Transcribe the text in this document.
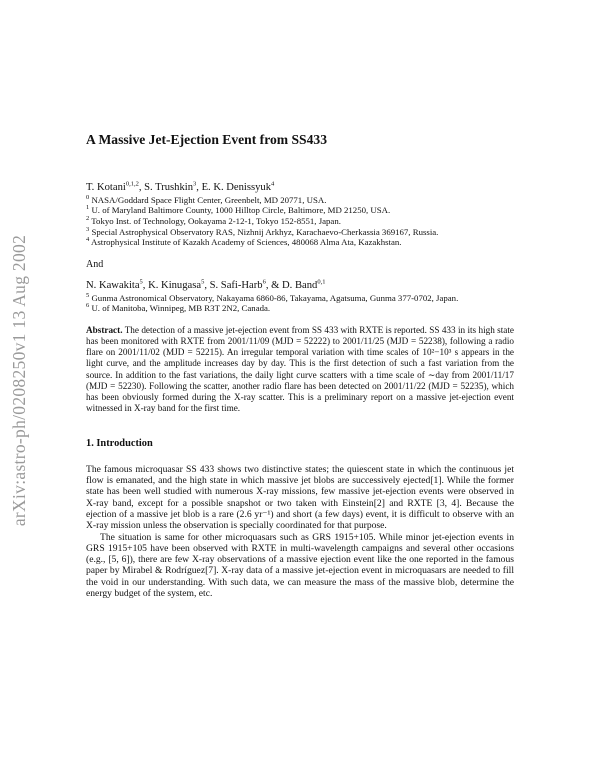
arXiv:astro-ph/0208250v1 13 Aug 2002
A Massive Jet-Ejection Event from SS433
T. Kotani$^{0,1,2}$, S. Trushkin$^3$, E. K. Denissyuk$^4$
$^0$ NASA/Goddard Space Flight Center, Greenbelt, MD 20771, USA.
$^1$ U. of Maryland Baltimore County, 1000 Hilltop Circle, Baltimore, MD 21250, USA.
$^2$ Tokyo Inst. of Technology, Ookayama 2-12-1, Tokyo 152-8551, Japan.
$^3$ Special Astrophysical Observatory RAS, Nizhnij Arkhyz, Karachaevo-Cherkassia 369167, Russia.
$^4$ Astrophysical Institute of Kazakh Academy of Sciences, 480068 Alma Ata, Kazakhstan.
And
N. Kawakita$^5$, K. Kinugasa$^5$, S. Safi-Harb$^6$, & D. Band$^{0,1}$
$^5$ Gunma Astronomical Observatory, Nakayama 6860-86, Takayama, Agatsuma, Gunma 377-0702, Japan.
$^6$ U. of Manitoba, Winnipeg, MB R3T 2N2, Canada.
Abstract. The detection of a massive jet-ejection event from SS 433 with RXTE is reported. SS 433 in its high state has been monitored with RXTE from 2001/11/09 (MJD = 52222) to 2001/11/25 (MJD = 52238), following a radio flare on 2001/11/02 (MJD = 52215). An irregular temporal variation with time scales of 10²−10³ s appears in the light curve, and the amplitude increases day by day. This is the first detection of such a fast variation from the source. In addition to the fast variations, the daily light curve scatters with a time scale of ∼day from 2001/11/17 (MJD = 52230). Following the scatter, another radio flare has been detected on 2001/11/22 (MJD = 52235), which has been obviously formed during the X-ray scatter. This is a preliminary report on a massive jet-ejection event witnessed in X-ray band for the first time.
1. Introduction

The famous microquasar SS 433 shows two distinctive states; the quiescent state in which the continuous jet flow is emanated, and the high state in which massive jet blobs are successively ejected[1]. While the former state has been well studied with numerous X-ray missions, few massive jet-ejection events were observed in X-ray band, except for a possible snapshot or two taken with Einstein[2] and RXTE [3, 4]. Because the ejection of a massive jet blob is a rare (2.6 yr⁻¹) and short (a few days) event, it is difficult to observe with an X-ray mission unless the observation is specially coordinated for that purpose.

The situation is same for other microquasars such as GRS 1915+105. While minor jet-ejection events in GRS 1915+105 have been observed with RXTE in multi-wavelength campaigns and several other occasions (e.g., [5, 6]), there are few X-ray observations of a massive ejection event like the one reported in the famous paper by Mirabel & Rodríguez[7]. X-ray data of a massive jet-ejection event in microquasars are needed to fill the void in our understanding. With such data, we can measure the mass of the massive blob, determine the energy budget of the system, etc.
